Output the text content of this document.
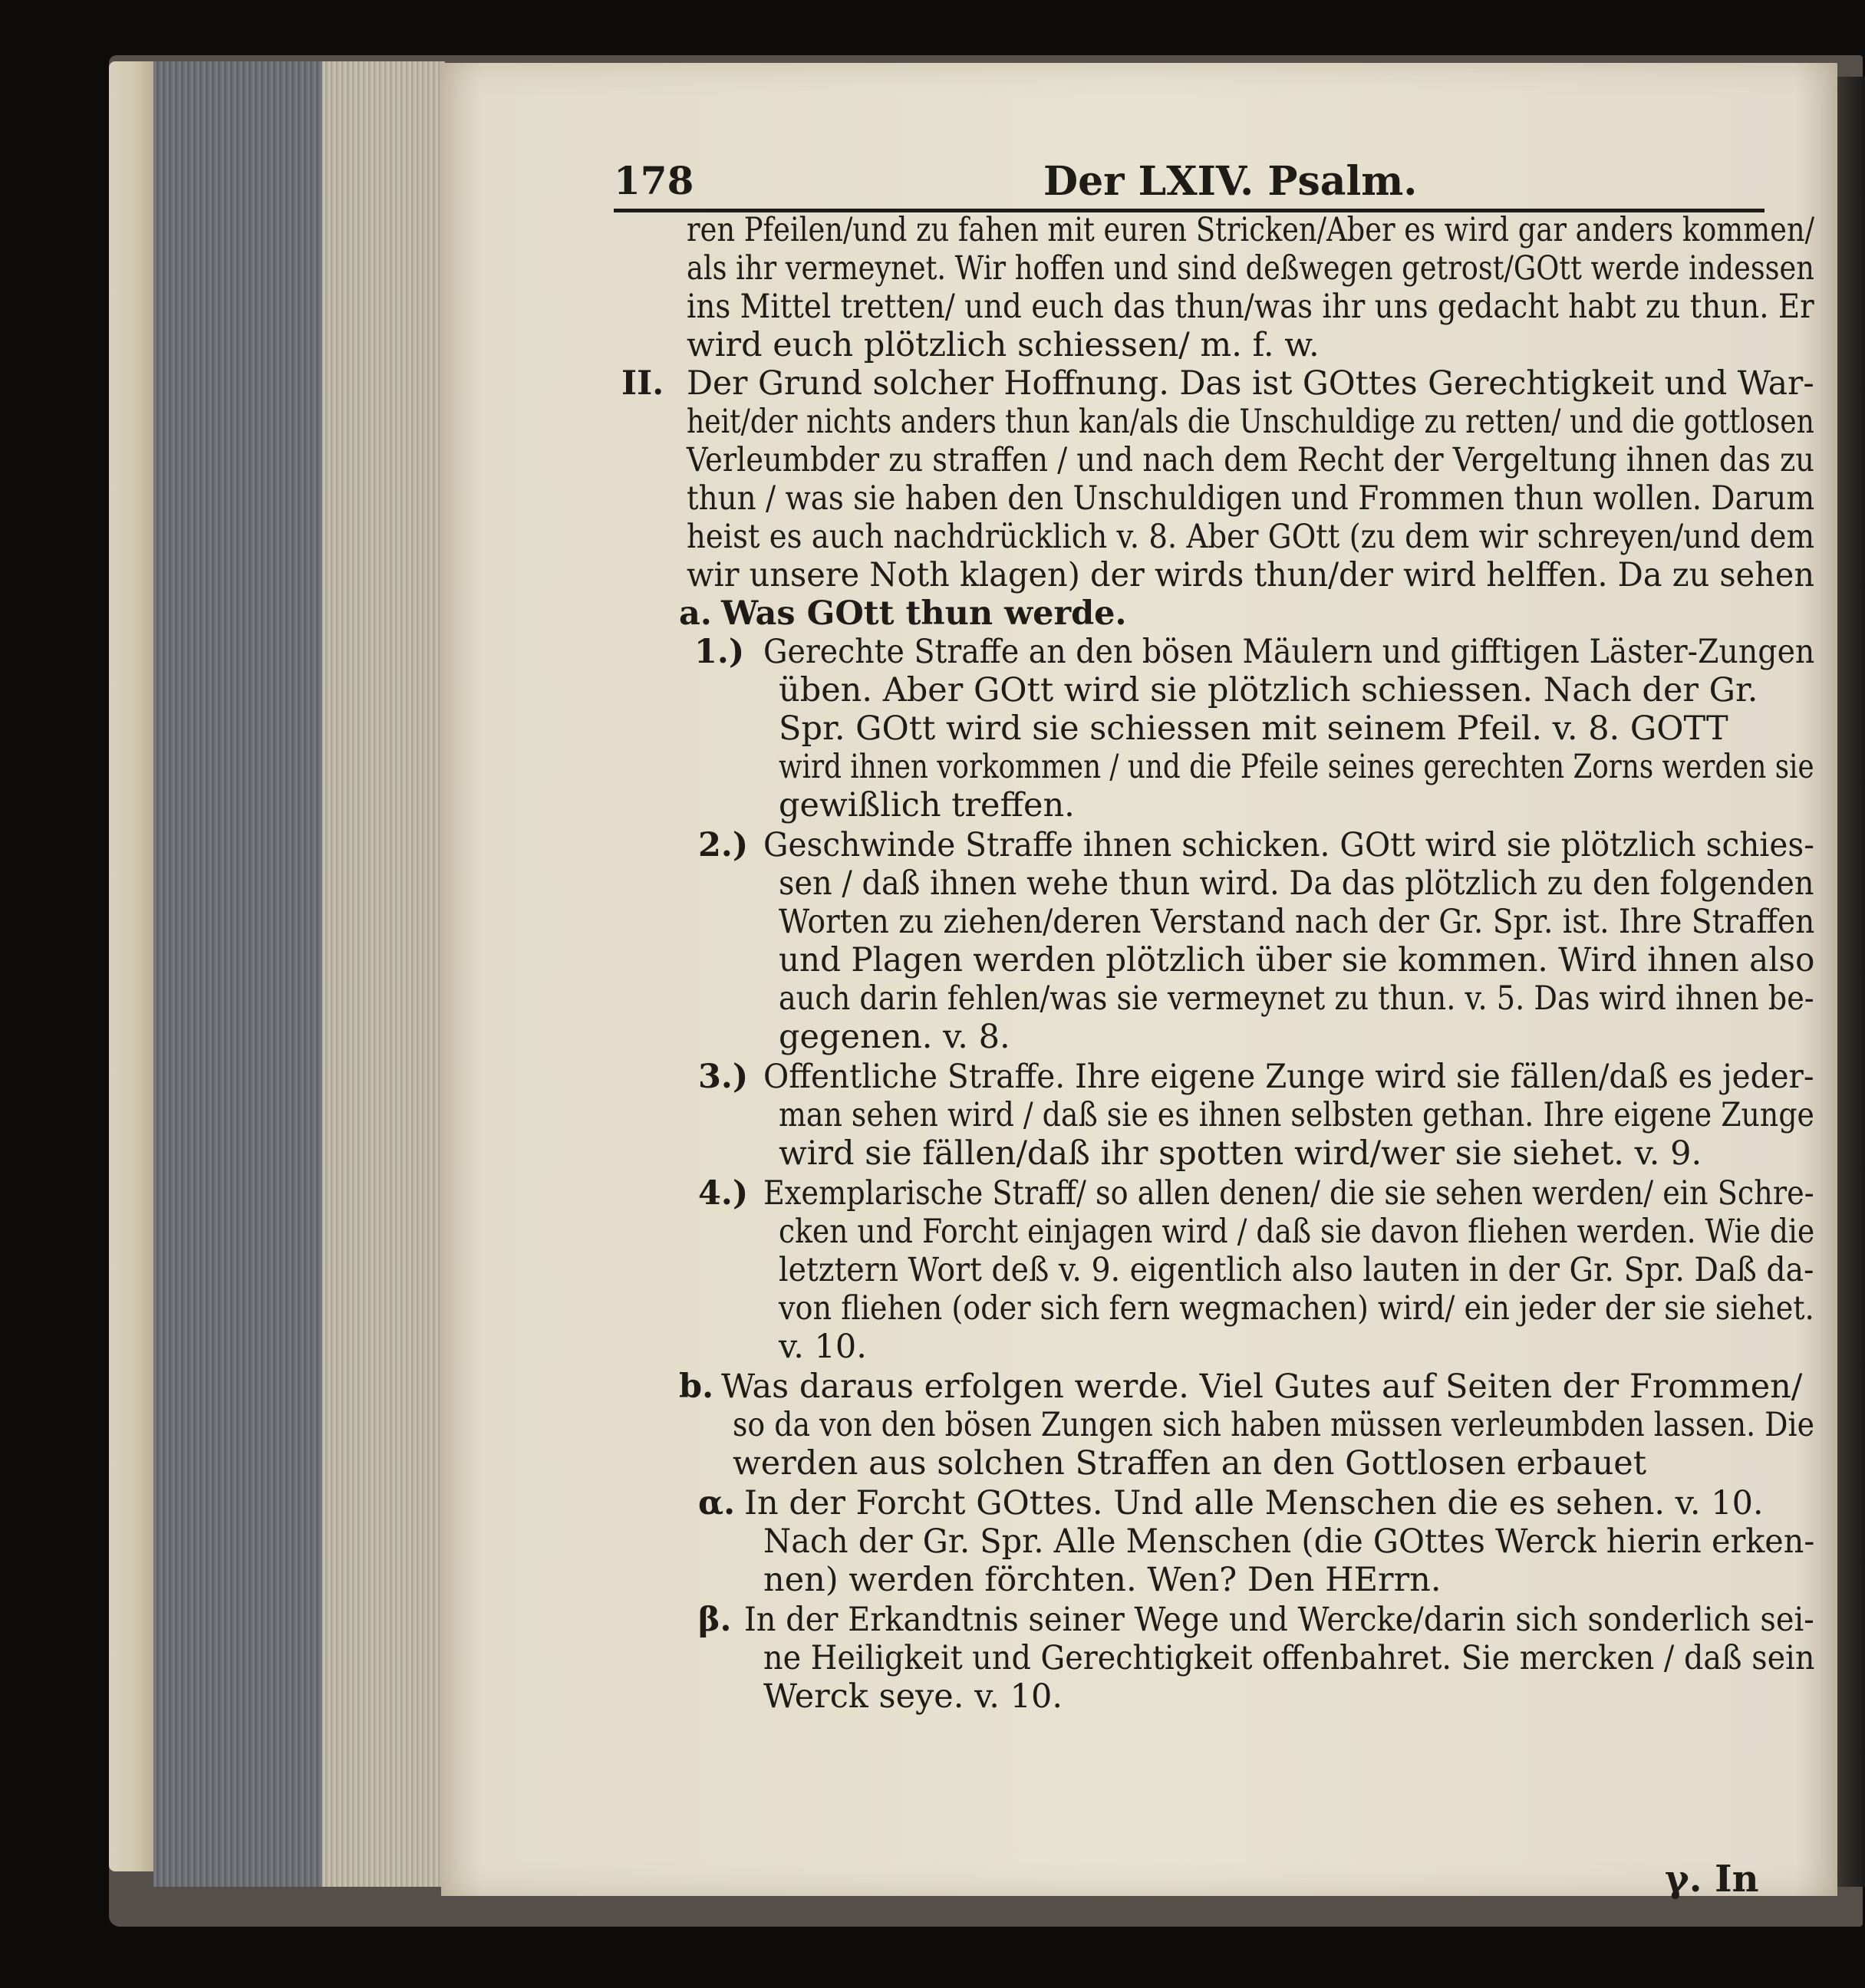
178	Der LXIV. Psalm.
ren Pfeilen/und zu fahen mit euren Stricken/Aber es wird gar anders kommen/
als ihr vermeynet. Wir hoffen und sind deßwegen getrost/GOtt werde indessen
ins Mittel tretten/ und euch das thun/was ihr uns gedacht habt zu thun. Er
wird euch plötzlich schiessen/ m. f. w.
II. Der Grund solcher Hoffnung. Das ist GOttes Gerechtigkeit und War-
heit/der nichts anders thun kan/als die Unschuldige zu retten/ und die gottlosen
Verleumbder zu straffen / und nach dem Recht der Vergeltung ihnen das zu
thun / was sie haben den Unschuldigen und Frommen thun wollen. Darum
heist es auch nachdrücklich v. 8. Aber GOtt (zu dem wir schreyen/und dem
wir unsere Noth klagen) der wirds thun/der wird helffen. Da zu sehen
a. Was GOtt thun werde.
1.) Gerechte Straffe an den bösen Mäulern und gifftigen Läster-Zungen
üben. Aber GOtt wird sie plötzlich schiessen. Nach der Gr.
Spr. GOtt wird sie schiessen mit seinem Pfeil. v. 8. GOTT
wird ihnen vorkommen / und die Pfeile seines gerechten Zorns werden sie
gewißlich treffen.
2.) Geschwinde Straffe ihnen schicken. GOtt wird sie plötzlich schies-
sen / daß ihnen wehe thun wird. Da das plötzlich zu den folgenden
Worten zu ziehen/deren Verstand nach der Gr. Spr. ist. Ihre Straffen
und Plagen werden plötzlich über sie kommen. Wird ihnen also
auch darin fehlen/was sie vermeynet zu thun. v. 5. Das wird ihnen be-
gegenen. v. 8.
3.) Offentliche Straffe. Ihre eigene Zunge wird sie fällen/daß es jeder-
man sehen wird / daß sie es ihnen selbsten gethan. Ihre eigene Zunge
wird sie fällen/daß ihr spotten wird/wer sie siehet. v. 9.
4.) Exemplarische Straff/ so allen denen/ die sie sehen werden/ ein Schre-
cken und Forcht einjagen wird / daß sie davon fliehen werden. Wie die
letztern Wort deß v. 9. eigentlich also lauten in der Gr. Spr. Daß da-
von fliehen (oder sich fern wegmachen) wird/ ein jeder der sie siehet.
v. 10.
b. Was daraus erfolgen werde. Viel Gutes auf Seiten der Frommen/
so da von den bösen Zungen sich haben müssen verleumbden lassen. Die
werden aus solchen Straffen an den Gottlosen erbauet
α. In der Forcht GOttes. Und alle Menschen die es sehen. v. 10.
Nach der Gr. Spr. Alle Menschen (die GOttes Werck hierin erken-
nen) werden förchten. Wen? Den HErrn.
β. In der Erkandtnis seiner Wege und Wercke/darin sich sonderlich sei-
ne Heiligkeit und Gerechtigkeit offenbahret. Sie mercken / daß sein
Werck seye. v. 10.
γ. In
